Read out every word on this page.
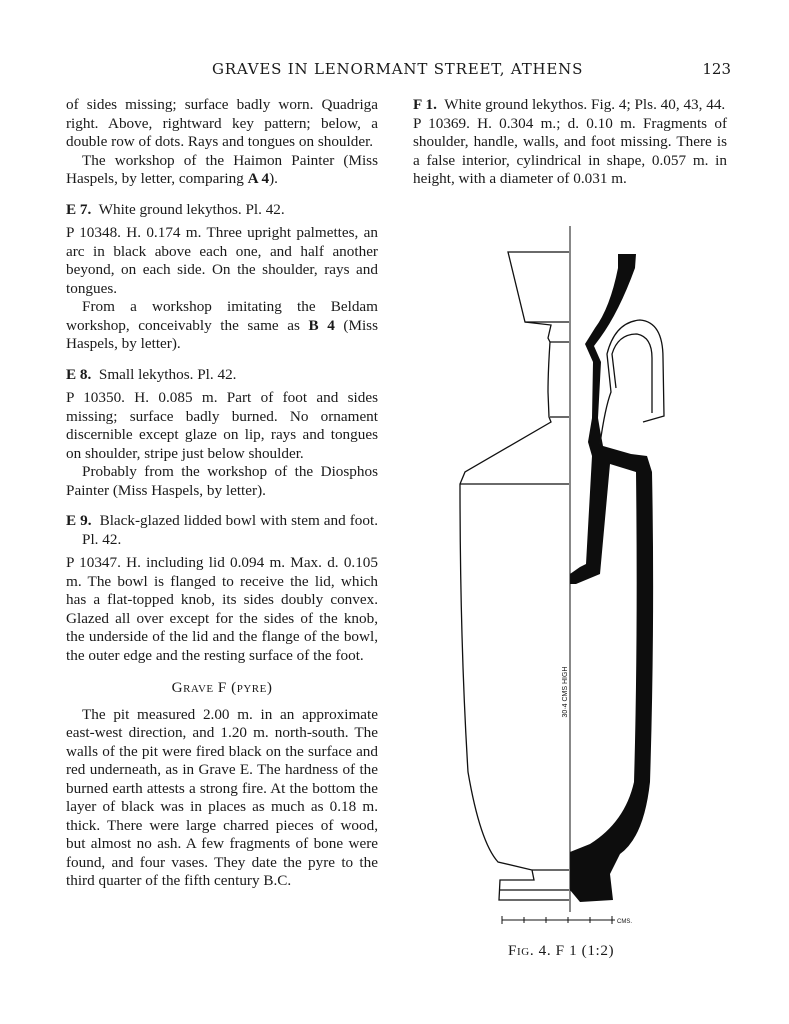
GRAVES IN LENORMANT STREET, ATHENS	123

of sides missing; surface badly worn. Quadriga right. Above, rightward key pattern; below, a double row of dots. Rays and tongues on shoulder.

The workshop of the Haimon Painter (Miss Haspels, by letter, comparing A 4).

E 7. White ground lekythos. Pl. 42.

P 10348. H. 0.174 m. Three upright palmettes, an arc in black above each one, and half another beyond, on each side. On the shoulder, rays and tongues.

From a workshop imitating the Beldam workshop, conceivably the same as B 4 (Miss Haspels, by letter).

E 8. Small lekythos. Pl. 42.

P 10350. H. 0.085 m. Part of foot and sides missing; surface badly burned. No ornament discernible except glaze on lip, rays and tongues on shoulder, stripe just below shoulder.

Probably from the workshop of the Diosphos Painter (Miss Haspels, by letter).

E 9. Black-glazed lidded bowl with stem and foot. Pl. 42.

P 10347. H. including lid 0.094 m. Max. d. 0.105 m. The bowl is flanged to receive the lid, which has a flat-topped knob, its sides doubly convex. Glazed all over except for the sides of the knob, the underside of the lid and the flange of the bowl, the outer edge and the resting surface of the foot.

Grave F (pyre)

The pit measured 2.00 m. in an approximate east-west direction, and 1.20 m. north-south. The walls of the pit were fired black on the surface and red underneath, as in Grave E. The hardness of the burned earth attests a strong fire. At the bottom the layer of black was in places as much as 0.18 m. thick. There were large charred pieces of wood, but almost no ash. A few fragments of bone were found, and four vases. They date the pyre to the third quarter of the fifth century B.C.

F 1. White ground lekythos. Fig. 4; Pls. 40, 43, 44.

P 10369. H. 0.304 m.; d. 0.10 m. Fragments of shoulder, handle, walls, and foot missing. There is a false interior, cylindrical in shape, 0.057 m. in height, with a diameter of 0.031 m.

30·4 CMS HIGH
CMS.
Fig. 4. F 1 (1:2)
